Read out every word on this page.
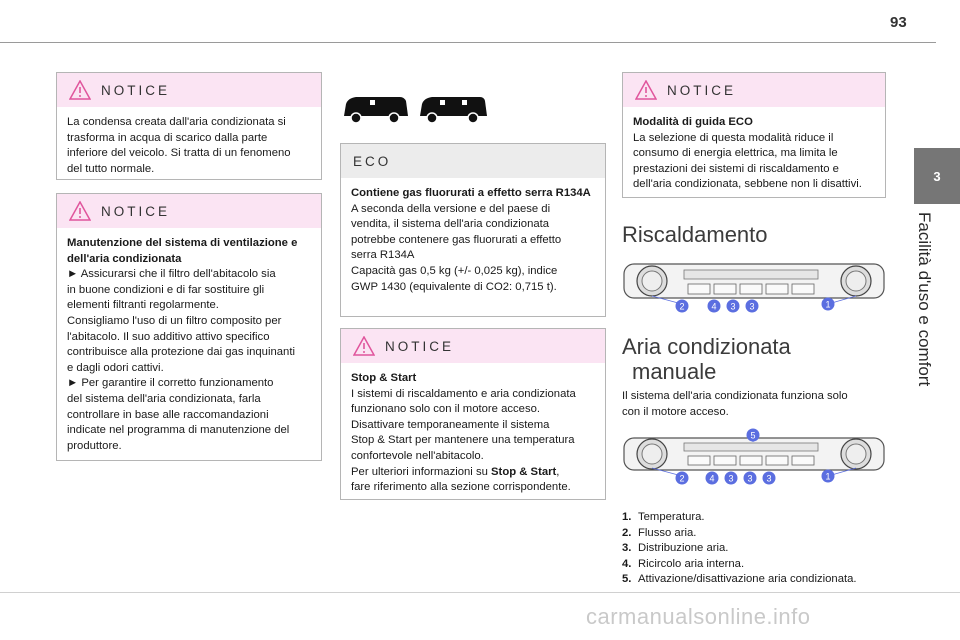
93
3
Facilità d'uso e comfort
NOTICE
La condensa creata dall'aria condizionata si
trasforma in acqua di scarico dalla parte
inferiore del veicolo. Si tratta di un fenomeno
del tutto normale.
NOTICE
Manutenzione del sistema di ventilazione e dell'aria condizionata
► Assicurarsi che il filtro dell'abitacolo sia
in buone condizioni e di far sostituire gli
elementi filtranti regolarmente.
Consigliamo l'uso di un filtro composito per
l'abitacolo. Il suo additivo attivo specifico
contribuisce alla protezione dai gas inquinanti
e dagli odori cattivi.
► Per garantire il corretto funzionamento
del sistema dell'aria condizionata, farla
controllare in base alle raccomandazioni
indicate nel programma di manutenzione del
produttore.
ECO
Contiene gas fluorurati a effetto serra R134A
A seconda della versione e del paese di
vendita, il sistema dell'aria condizionata
potrebbe contenere gas fluorurati a effetto
serra R134A
Capacità gas 0,5 kg (+/- 0,025 kg), indice
GWP 1430 (equivalente di CO2: 0,715 t).
NOTICE
Stop & Start
I sistemi di riscaldamento e aria condizionata
funzionano solo con il motore acceso.
Disattivare temporaneamente il sistema
Stop & Start per mantenere una temperatura
confortevole nell'abitacolo.
Per ulteriori informazioni su Stop & Start,
fare riferimento alla sezione corrispondente.
NOTICE
Modalità di guida ECO
La selezione di questa modalità riduce il
consumo di energia elettrica, ma limita le
prestazioni dei sistemi di riscaldamento e
dell'aria condizionata, sebbene non li disattivi.
Riscaldamento
2	4 3 3	1
Aria condizionata
manuale
Il sistema dell'aria condizionata funziona solo
con il motore acceso.
5
2	4 3 3 3	1
1. Temperatura.
2. Flusso aria.
3. Distribuzione aria.
4. Ricircolo aria interna.
5. Attivazione/disattivazione aria condizionata.
carmanualsonline.info
